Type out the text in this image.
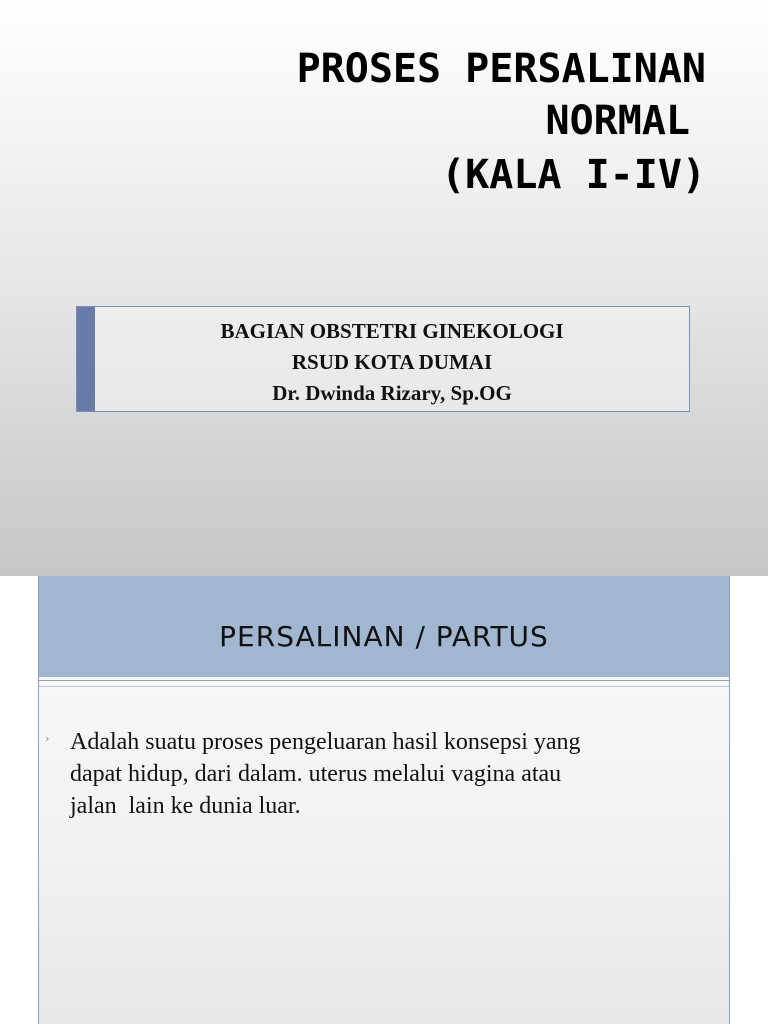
PROSES PERSALINAN
NORMAL
(KALA I-IV)
BAGIAN OBSTETRI GINEKOLOGI
RSUD KOTA DUMAI
Dr. Dwinda Rizary, Sp.OG
PERSALINAN / PARTUS
› Adalah suatu proses pengeluaran hasil konsepsi yang
dapat hidup, dari dalam. uterus melalui vagina atau
jalan  lain ke dunia luar.
